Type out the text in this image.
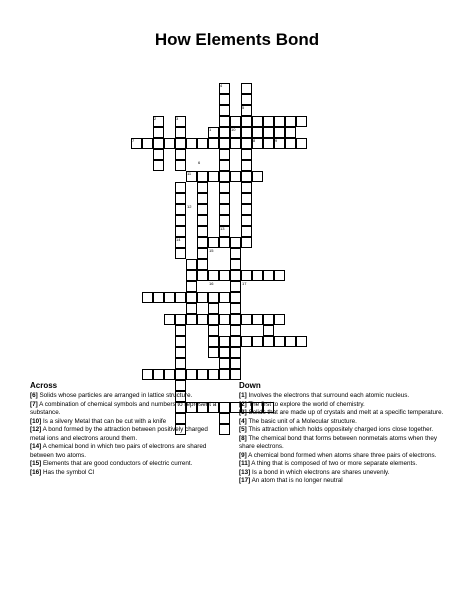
How Elements Bond
1
2	3
4
5
6
7	8	9
10
11
12
13
14
15
16	17
Across
[6] Solids whose particles are arranged in lattice structure.
[7] A combination of chemical symbols and numbers to represent a substance.
[10] Is a silvery Metal that can be cut with a knife
[12] A bond formed by the attraction between positively charged metal ions and electrons around them.
[14] A chemical bond in which two pairs of electrons are shared between two atoms.
[15] Elements that are good conductors of electric current.
[16] Has the symbol Cl
Down
[1] Involves the electrons that surround each atomic nucleus.
[2] The first to explore the world of chemistry.
[3] Solids that are made up of crystals and melt at a specific temperature.
[4] The basic unit of a Molecular structure.
[5] This attraction which holds oppositely charged ions close together.
[8] The chemical bond that forms between nonmetals atoms when they share electrons.
[9] A chemical bond formed when atoms share three pairs of electrons.
[11] A thing that is composed of two or more separate elements.
[13] Is a bond in which electrons are shares unevenly.
[17] An atom that is no longer neutral
